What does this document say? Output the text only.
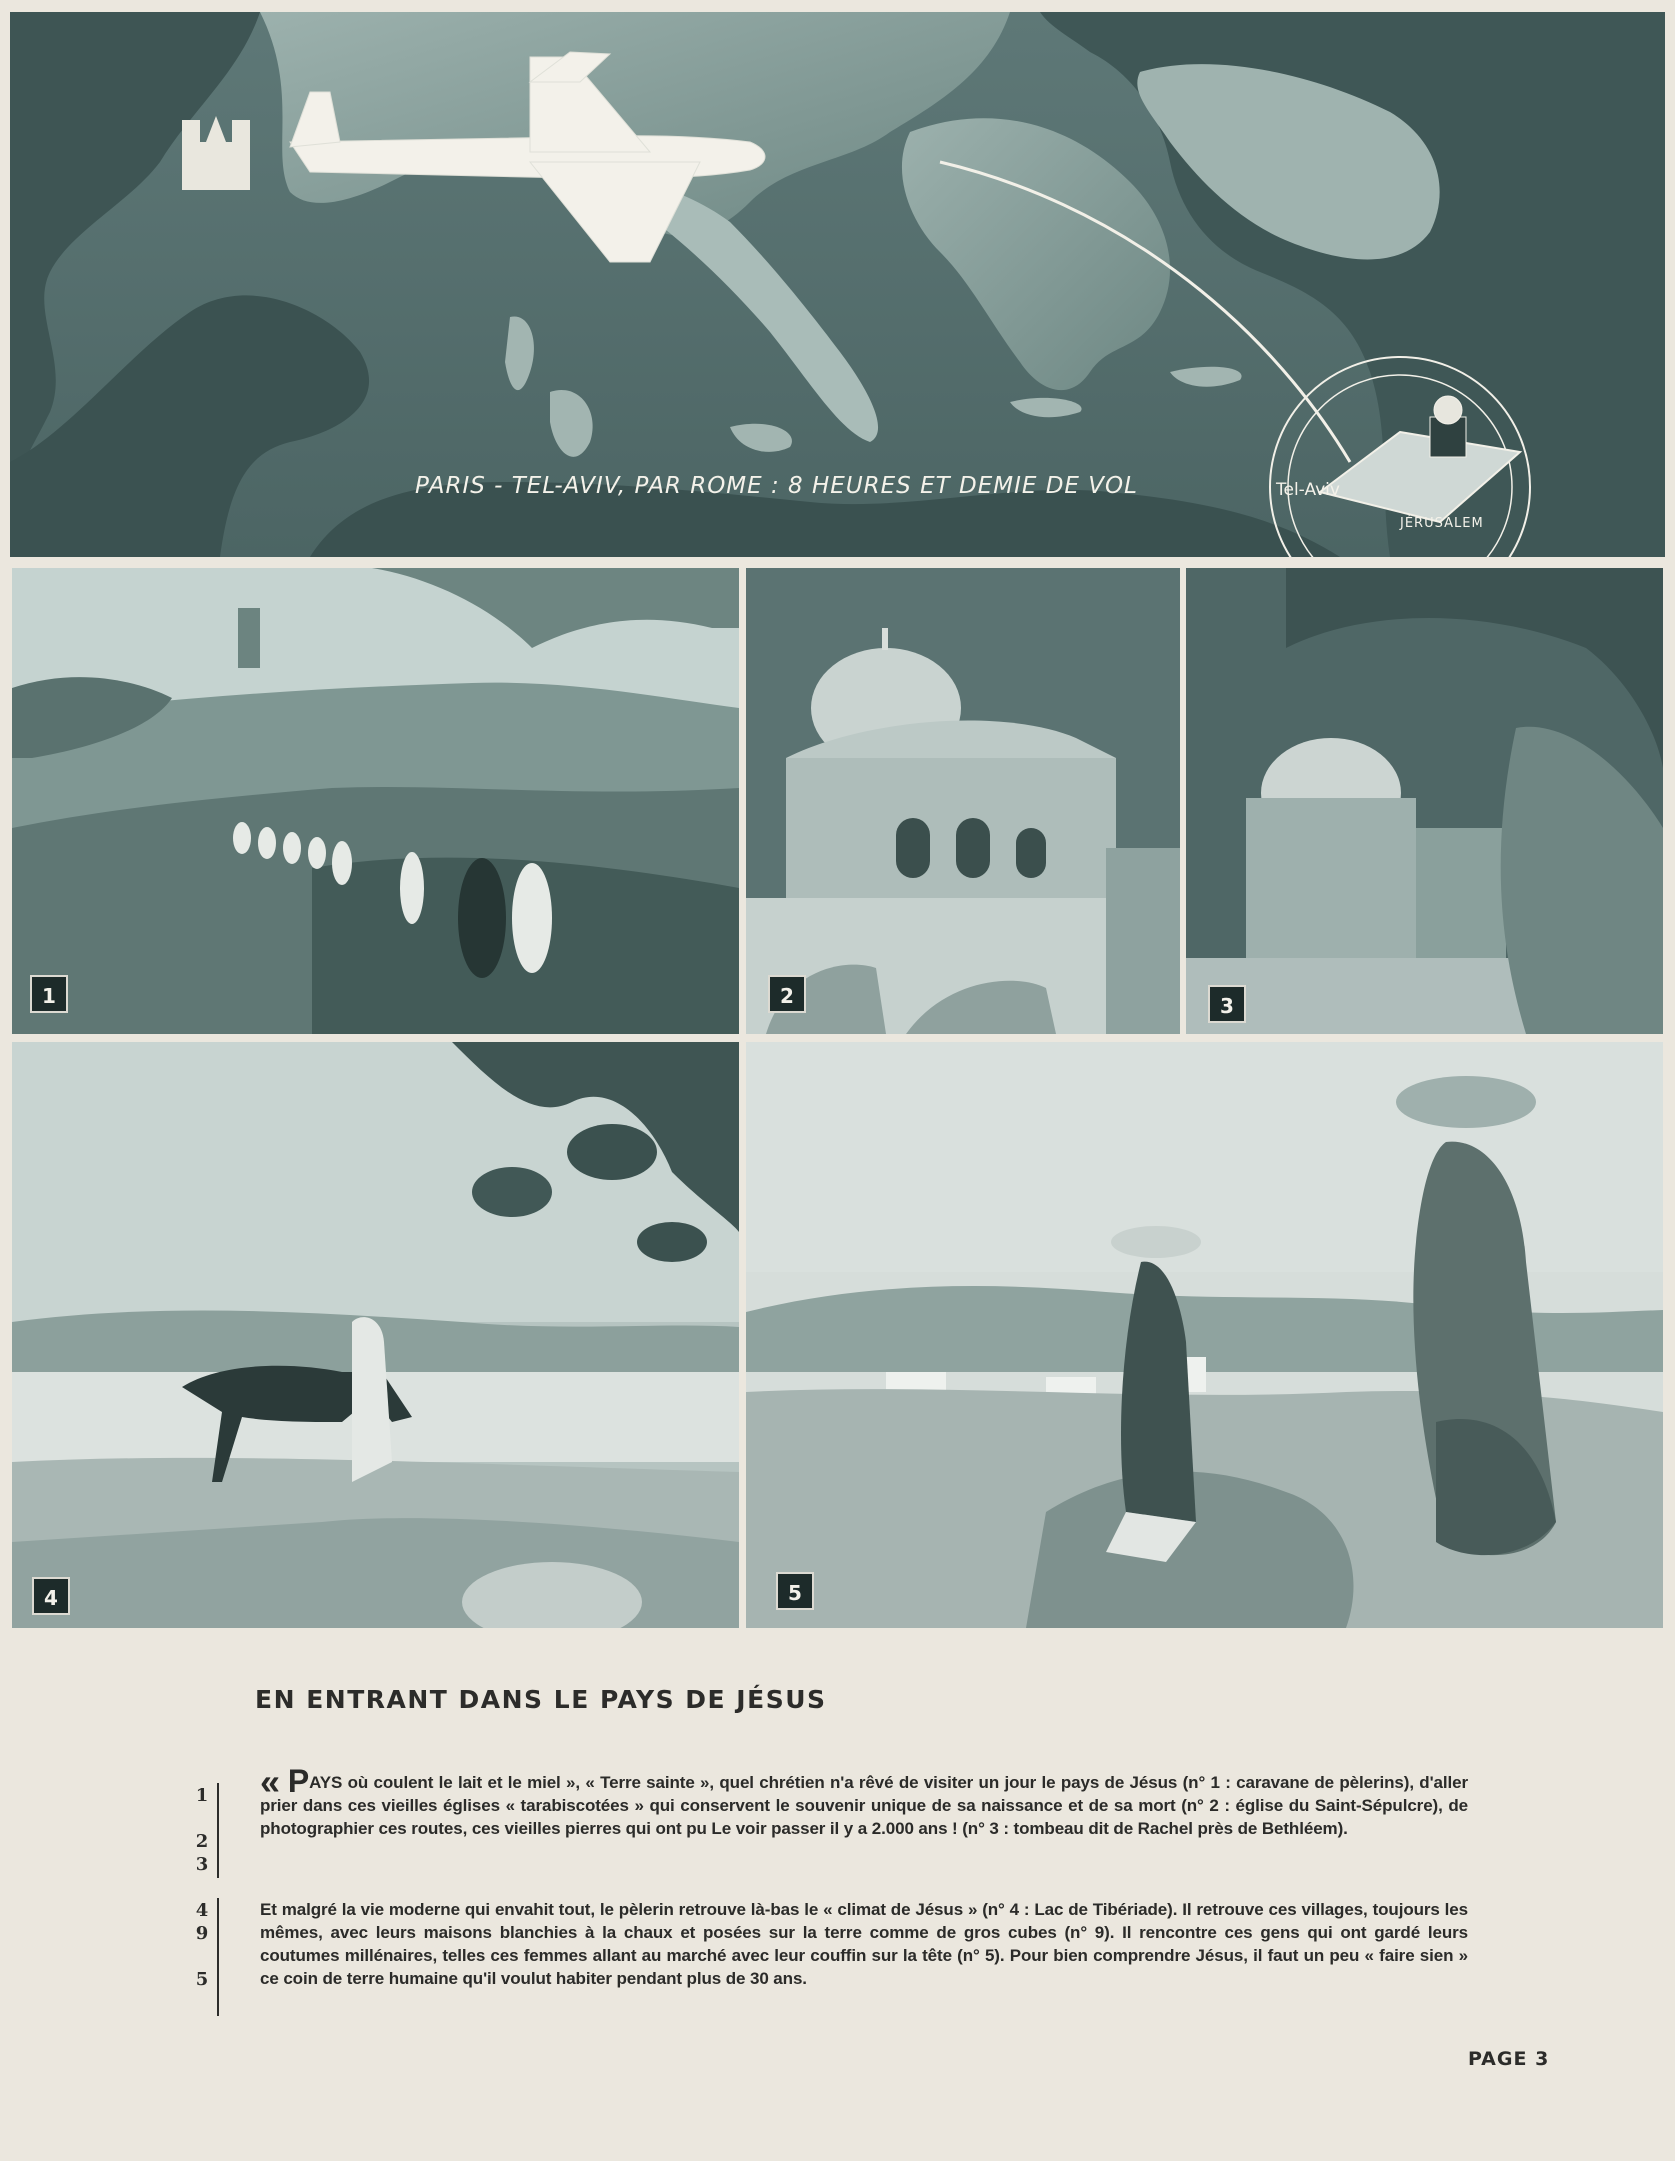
Tel-Aviv
JÉRUSALEM
PARIS - TEL-AVIV, PAR ROME : 8 HEURES ET DEMIE DE VOL
1	2	3
4	5
EN ENTRANT DANS LE PAYS DE JÉSUS
1
2
3
4
9
5
« PAYS où coulent le lait et le miel », « Terre sainte », quel chrétien n'a rêvé de visiter un jour le pays de Jésus (n° 1 : caravane de pèlerins), d'aller prier dans ces vieilles églises « tarabiscotées » qui conservent le souvenir unique de sa naissance et de sa mort (n° 2 : église du Saint-Sépulcre), de photographier ces routes, ces vieilles pierres qui ont pu Le voir passer il y a 2.000 ans ! (n° 3 : tombeau dit de Rachel près de Bethléem).
Et malgré la vie moderne qui envahit tout, le pèlerin retrouve là-bas le « climat de Jésus » (n° 4 : Lac de Tibériade). Il retrouve ces villages, toujours les mêmes, avec leurs maisons blanchies à la chaux et posées sur la terre comme de gros cubes (n° 9). Il rencontre ces gens qui ont gardé leurs coutumes millénaires, telles ces femmes allant au marché avec leur couffin sur la tête (n° 5). Pour bien comprendre Jésus, il faut un peu « faire sien » ce coin de terre humaine qu'il voulut habiter pendant plus de 30 ans.
PAGE 3
